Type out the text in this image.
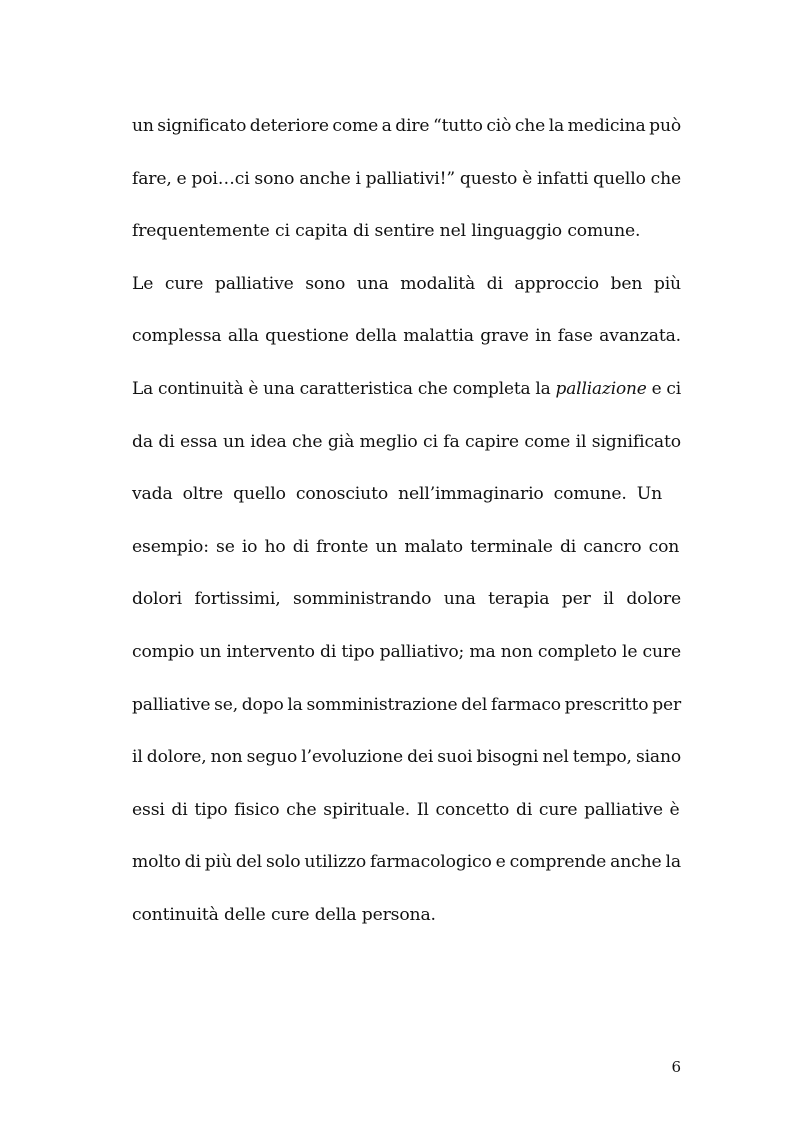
un significato deteriore come a dire “tutto ciò che la medicina può
fare, e poi…ci sono anche i palliativi!” questo è infatti quello che
frequentemente ci capita di sentire nel linguaggio comune.
Le cure palliative sono una modalità di approccio ben più
complessa alla questione della malattia grave in fase avanzata.
La continuità è una caratteristica che completa la palliazione e ci
da di essa un idea che già meglio ci fa capire come il significato
vada oltre quello conosciuto nell’immaginario comune. Un
esempio: se io ho di fronte un malato terminale di cancro con
dolori fortissimi, somministrando una terapia per il dolore
compio un intervento di tipo palliativo; ma non completo le cure
palliative se, dopo la somministrazione del farmaco prescritto per
il dolore, non seguo l’evoluzione dei suoi bisogni nel tempo, siano
essi di tipo fisico che spirituale. Il concetto di cure palliative è
molto di più del solo utilizzo farmacologico e comprende anche la
continuità delle cure della persona.
6
